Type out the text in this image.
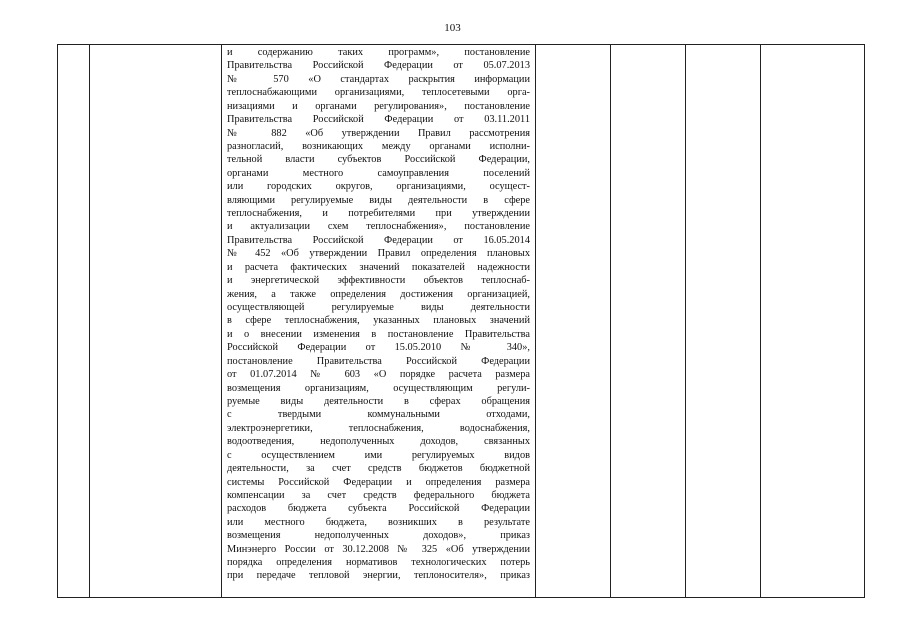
103

и содержанию таких программ», постановление
Правительства Российской Федерации от 05.07.2013
№ 570 «О стандартах раскрытия информации
теплоснабжающими организациями, теплосетевыми орга-
низациями и органами регулирования», постановление
Правительства Российской Федерации от 03.11.2011
№ 882 «Об утверждении Правил рассмотрения
разногласий, возникающих между органами исполни-
тельной власти субъектов Российской Федерации,
органами местного самоуправления поселений
или городских округов, организациями, осущест-
вляющими регулируемые виды деятельности в сфере
теплоснабжения, и потребителями при утверждении
и актуализации схем теплоснабжения», постановление
Правительства Российской Федерации от 16.05.2014
№ 452 «Об утверждении Правил определения плановых
и расчета фактических значений показателей надежности
и энергетической эффективности объектов теплоснаб-
жения, а также определения достижения организацией,
осуществляющей регулируемые виды деятельности
в сфере теплоснабжения, указанных плановых значений
и о внесении изменения в постановление Правительства
Российской Федерации от 15.05.2010 № 340»,
постановление Правительства Российской Федерации
от 01.07.2014 № 603 «О порядке расчета размера
возмещения организациям, осуществляющим регули-
руемые виды деятельности в сферах обращения
с твердыми коммунальными отходами,
электроэнергетики, теплоснабжения, водоснабжения,
водоотведения, недополученных доходов, связанных
с осуществлением ими регулируемых видов
деятельности, за счет средств бюджетов бюджетной
системы Российской Федерации и определения размера
компенсации за счет средств федерального бюджета
расходов бюджета субъекта Российской Федерации
или местного бюджета, возникших в результате
возмещения недополученных доходов», приказ
Минэнерго России от 30.12.2008 № 325 «Об утверждении
порядка определения нормативов технологических потерь
при передаче тепловой энергии, теплоносителя», приказ
